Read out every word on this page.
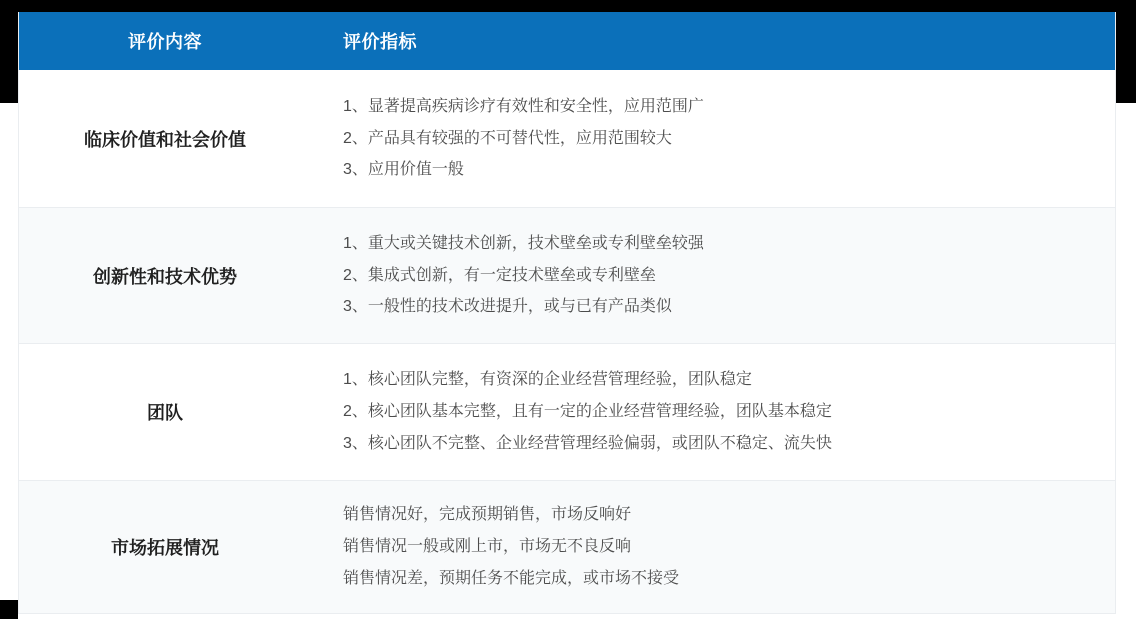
评价内容	评价指标
临床价值和社会价值
1、显著提高疾病诊疗有效性和安全性，应用范围广
2、产品具有较强的不可替代性，应用范围较大
3、应用价值一般
创新性和技术优势
1、重大或关键技术创新，技术壁垒或专利壁垒较强
2、集成式创新，有一定技术壁垒或专利壁垒
3、一般性的技术改进提升，或与已有产品类似
团队
1、核心团队完整，有资深的企业经营管理经验，团队稳定
2、核心团队基本完整，且有一定的企业经营管理经验，团队基本稳定
3、核心团队不完整、企业经营管理经验偏弱，或团队不稳定、流失快
市场拓展情况
销售情况好，完成预期销售，市场反响好
销售情况一般或刚上市，市场无不良反响
销售情况差，预期任务不能完成，或市场不接受
